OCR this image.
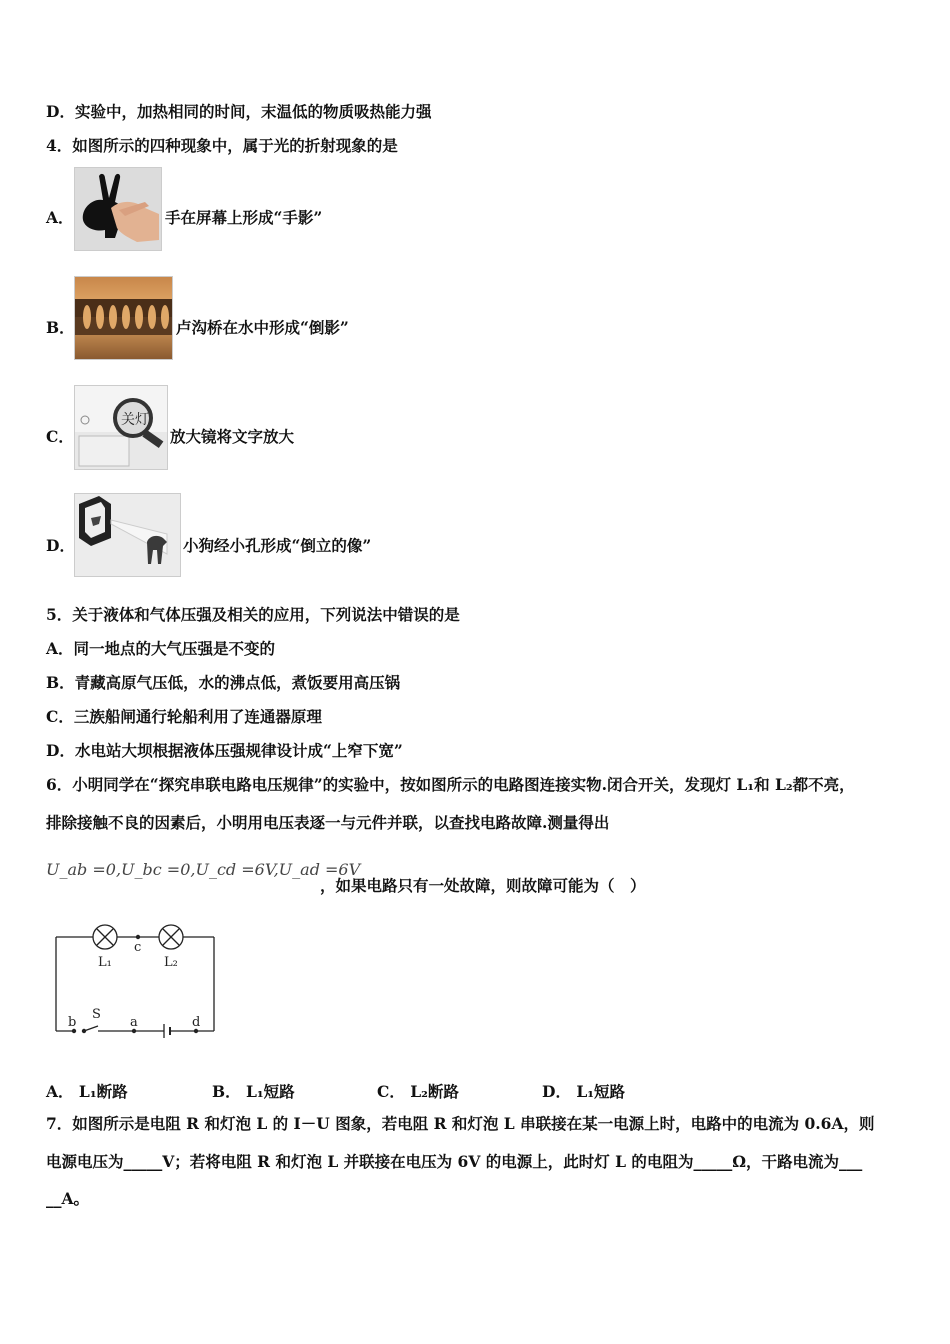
D．实验中，加热相同的时间，末温低的物质吸热能力强
4．如图所示的四种现象中，属于光的折射现象的是
A．	手在屏幕上形成“手影”
B．	卢沟桥在水中形成“倒影”
C．
关灯
放大镜将文字放大
D．	小狗经小孔形成“倒立的像”
5．关于液体和气体压强及相关的应用，下列说法中错误的是
A．同一地点的大气压强是不变的
B．青藏高原气压低，水的沸点低，煮饭要用高压锅
C．三族船闸通行轮船利用了连通器原理
D．水电站大坝根据液体压强规律设计成“上窄下宽”
6．小明同学在“探究串联电路电压规律”的实验中，按如图所示的电路图连接实物.闭合开关，发现灯 L₁和 L₂都不亮，
排除接触不良的因素后，小明用电压表逐一与元件并联，以查找电路故障.测量得出
U_ab =0,U_bc =0,U_cd =6V,U_ad =6V
，如果电路只有一处故障，则故障可能为（　）
L₁	L₂
c
b
S
a	d
A． L₁断路	B． L₁短路	C． L₂断路	D． L₁短路
7．如图所示是电阻 R 和灯泡 L 的 I－U 图象，若电阻 R 和灯泡 L 串联接在某一电源上时，电路中的电流为 0.6A，则
电源电压为_____V；若将电阻 R 和灯泡 L 并联接在电压为 6V 的电源上，此时灯 L 的电阻为_____Ω，干路电流为___
__A。
